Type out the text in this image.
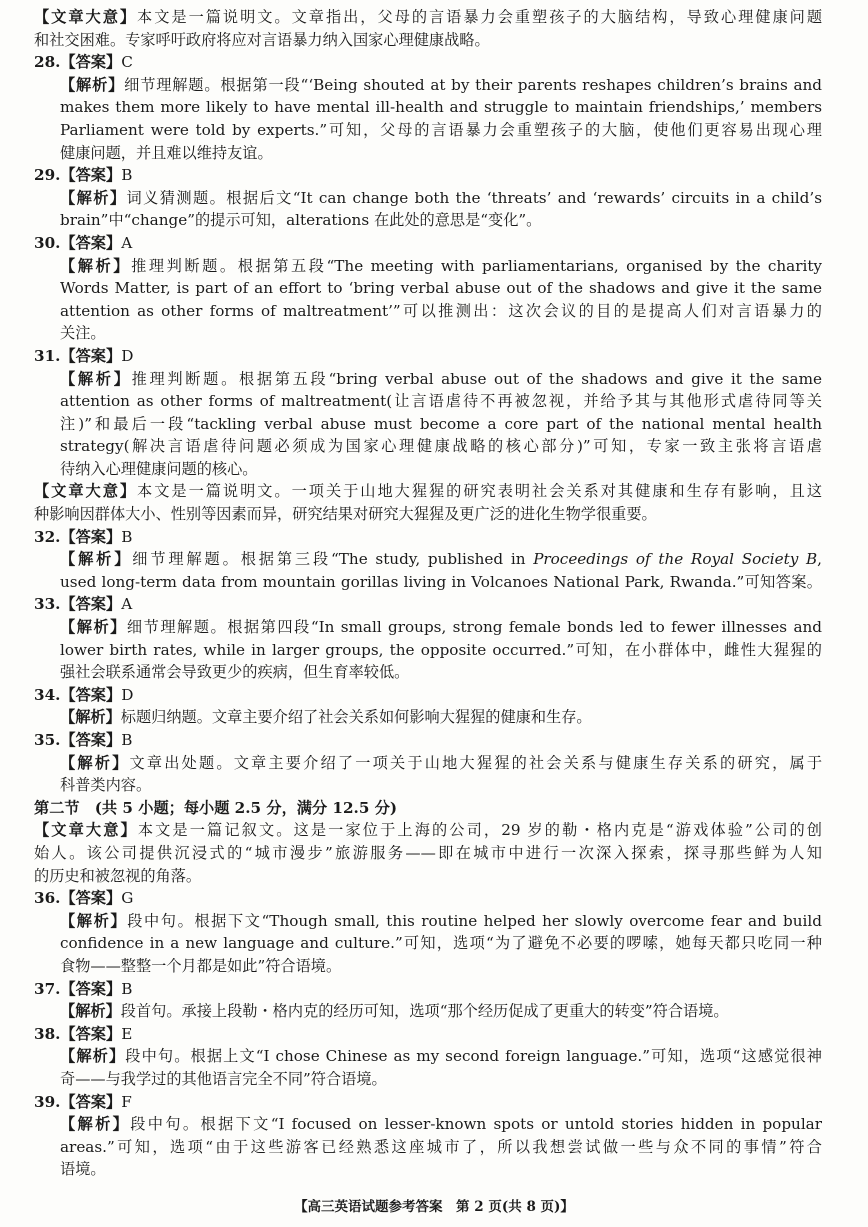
【文章大意】本文是一篇说明文。文章指出，父母的言语暴力会重塑孩子的大脑结构，导致心理健康问题
和社交困难。专家呼吁政府将应对言语暴力纳入国家心理健康战略。
28.【答案】C
【解析】细节理解题。根据第一段“‘Being shouted at by their parents reshapes children’s brains and
makes them more likely to have mental ill-health and struggle to maintain friendships,’ members
Parliament were told by experts.”可知，父母的言语暴力会重塑孩子的大脑，使他们更容易出现心理
健康问题，并且难以维持友谊。
29.【答案】B
【解析】词义猜测题。根据后文“It can change both the ‘threats’ and ‘rewards’ circuits in a child’s
brain”中“change”的提示可知，alterations 在此处的意思是“变化”。
30.【答案】A
【解析】推理判断题。根据第五段“The meeting with parliamentarians, organised by the charity
Words Matter, is part of an effort to ‘bring verbal abuse out of the shadows and give it the same
attention as other forms of maltreatment’”可以推测出：这次会议的目的是提高人们对言语暴力的
关注。
31.【答案】D
【解析】推理判断题。根据第五段“bring verbal abuse out of the shadows and give it the same
attention as other forms of maltreatment(让言语虐待不再被忽视，并给予其与其他形式虐待同等关
注)”和最后一段“tackling verbal abuse must become a core part of the national mental health
strategy(解决言语虐待问题必须成为国家心理健康战略的核心部分)”可知，专家一致主张将言语虐
待纳入心理健康问题的核心。
【文章大意】本文是一篇说明文。一项关于山地大猩猩的研究表明社会关系对其健康和生存有影响，且这
种影响因群体大小、性别等因素而异，研究结果对研究大猩猩及更广泛的进化生物学很重要。
32.【答案】B
【解析】细节理解题。根据第三段“The study, published in Proceedings of the Royal Society B,
used long-term data from mountain gorillas living in Volcanoes National Park, Rwanda.”可知答案。
33.【答案】A
【解析】细节理解题。根据第四段“In small groups, strong female bonds led to fewer illnesses and
lower birth rates, while in larger groups, the opposite occurred.”可知，在小群体中，雌性大猩猩的
强社会联系通常会导致更少的疾病，但生育率较低。
34.【答案】D
【解析】标题归纳题。文章主要介绍了社会关系如何影响大猩猩的健康和生存。
35.【答案】B
【解析】文章出处题。文章主要介绍了一项关于山地大猩猩的社会关系与健康生存关系的研究，属于
科普类内容。
第二节　(共 5 小题；每小题 2.5 分，满分 12.5 分)
【文章大意】本文是一篇记叙文。这是一家位于上海的公司，29 岁的勒・格内克是“游戏体验”公司的创
始人。该公司提供沉浸式的“城市漫步”旅游服务——即在城市中进行一次深入探索，探寻那些鲜为人知
的历史和被忽视的角落。
36.【答案】G
【解析】段中句。根据下文“Though small, this routine helped her slowly overcome fear and build
confidence in a new language and culture.”可知，选项“为了避免不必要的啰嗦，她每天都只吃同一种
食物——整整一个月都是如此”符合语境。
37.【答案】B
【解析】段首句。承接上段勒・格内克的经历可知，选项“那个经历促成了更重大的转变”符合语境。
38.【答案】E
【解析】段中句。根据上文“I chose Chinese as my second foreign language.”可知，选项“这感觉很神
奇——与我学过的其他语言完全不同”符合语境。
39.【答案】F
【解析】段中句。根据下文“I focused on lesser-known spots or untold stories hidden in popular
areas.”可知，选项“由于这些游客已经熟悉这座城市了，所以我想尝试做一些与众不同的事情”符合
语境。
【高三英语试题参考答案　第 2 页(共 8 页)】
